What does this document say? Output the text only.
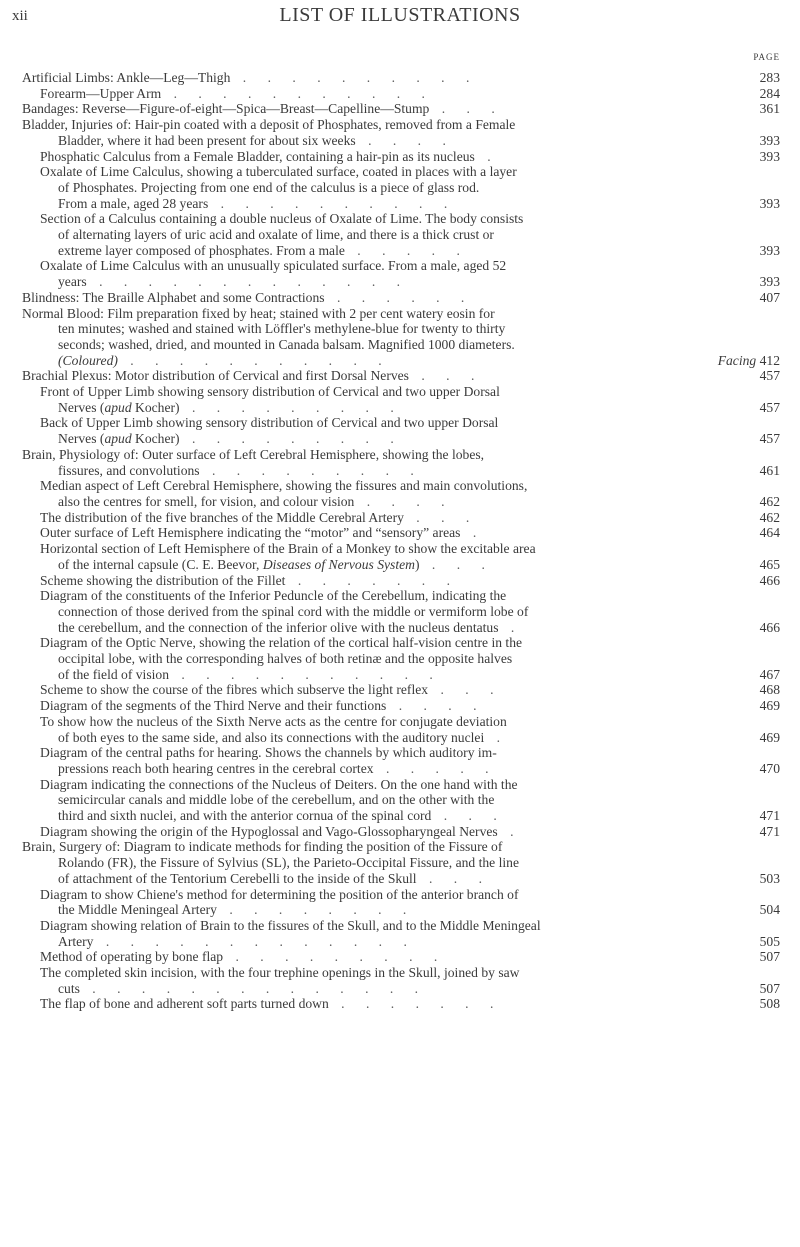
xii	LIST OF ILLUSTRATIONS
PAGE
Artificial Limbs: Ankle—Leg—Thigh . . . . . . . . . .	283
Forearm—Upper Arm . . . . . . . . . . .	284
Bandages: Reverse—Figure-of-eight—Spica—Breast—Capelline—Stump . . .	361
Bladder, Injuries of: Hair-pin coated with a deposit of Phosphates, removed from a Female
Bladder, where it had been present for about six weeks . . . .	393
Phosphatic Calculus from a Female Bladder, containing a hair-pin as its nucleus .	393
Oxalate of Lime Calculus, showing a tuberculated surface, coated in places with a layer
of Phosphates. Projecting from one end of the calculus is a piece of glass rod.
From a male, aged 28 years . . . . . . . . . .	393
Section of a Calculus containing a double nucleus of Oxalate of Lime. The body consists
of alternating layers of uric acid and oxalate of lime, and there is a thick crust or
extreme layer composed of phosphates. From a male . . . . .	393
Oxalate of Lime Calculus with an unusually spiculated surface. From a male, aged 52
years . . . . . . . . . . . . .	393
Blindness: The Braille Alphabet and some Contractions . . . . . .	407
Normal Blood: Film preparation fixed by heat; stained with 2 per cent watery eosin for
ten minutes; washed and stained with Löffler's methylene-blue for twenty to thirty
seconds; washed, dried, and mounted in Canada balsam. Magnified 1000 diameters.
(Coloured) . . . . . . . . . . .	Facing 412
Brachial Plexus: Motor distribution of Cervical and first Dorsal Nerves . . .	457
Front of Upper Limb showing sensory distribution of Cervical and two upper Dorsal
Nerves (apud Kocher) . . . . . . . . .	457
Back of Upper Limb showing sensory distribution of Cervical and two upper Dorsal
Nerves (apud Kocher) . . . . . . . . .	457
Brain, Physiology of: Outer surface of Left Cerebral Hemisphere, showing the lobes,
fissures, and convolutions . . . . . . . . .	461
Median aspect of Left Cerebral Hemisphere, showing the fissures and main convolutions,
also the centres for smell, for vision, and colour vision . . . .	462
The distribution of the five branches of the Middle Cerebral Artery . . .	462
Outer surface of Left Hemisphere indicating the “motor” and “sensory” areas .	464
Horizontal section of Left Hemisphere of the Brain of a Monkey to show the excitable area
of the internal capsule (C. E. Beevor, Diseases of Nervous System) . . .	465
Scheme showing the distribution of the Fillet . . . . . . .	466
Diagram of the constituents of the Inferior Peduncle of the Cerebellum, indicating the
connection of those derived from the spinal cord with the middle or vermiform lobe of
the cerebellum, and the connection of the inferior olive with the nucleus dentatus .	466
Diagram of the Optic Nerve, showing the relation of the cortical half-vision centre in the
occipital lobe, with the corresponding halves of both retinæ and the opposite halves
of the field of vision . . . . . . . . . . .	467
Scheme to show the course of the fibres which subserve the light reflex . . .	468
Diagram of the segments of the Third Nerve and their functions . . . .	469
To show how the nucleus of the Sixth Nerve acts as the centre for conjugate deviation
of both eyes to the same side, and also its connections with the auditory nuclei .	469
Diagram of the central paths for hearing. Shows the channels by which auditory im-
pressions reach both hearing centres in the cerebral cortex . . . . .	470
Diagram indicating the connections of the Nucleus of Deiters. On the one hand with the
semicircular canals and middle lobe of the cerebellum, and on the other with the
third and sixth nuclei, and with the anterior cornua of the spinal cord . . .	471
Diagram showing the origin of the Hypoglossal and Vago-Glossopharyngeal Nerves .	471
Brain, Surgery of: Diagram to indicate methods for finding the position of the Fissure of
Rolando (FR), the Fissure of Sylvius (SL), the Parieto-Occipital Fissure, and the line
of attachment of the Tentorium Cerebelli to the inside of the Skull . . .	503
Diagram to show Chiene's method for determining the position of the anterior branch of
the Middle Meningeal Artery . . . . . . . .	504
Diagram showing relation of Brain to the fissures of the Skull, and to the Middle Meningeal
Artery . . . . . . . . . . . . .	505
Method of operating by bone flap . . . . . . . . .	507
The completed skin incision, with the four trephine openings in the Skull, joined by saw
cuts . . . . . . . . . . . . . .	507
The flap of bone and adherent soft parts turned down . . . . . . .	508
